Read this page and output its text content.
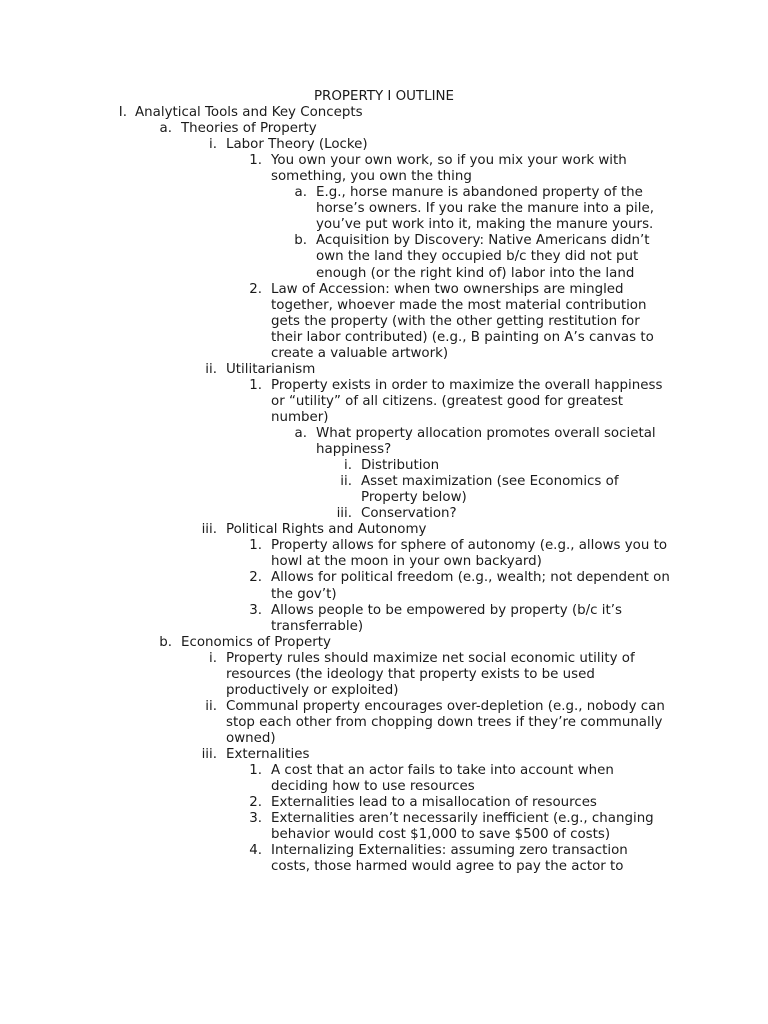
PROPERTY I OUTLINE
I. Analytical Tools and Key Concepts
a. Theories of Property
i. Labor Theory (Locke)
1. You own your own work, so if you mix your work with
something, you own the thing
a. E.g., horse manure is abandoned property of the
horse’s owners. If you rake the manure into a pile,
you’ve put work into it, making the manure yours.
b. Acquisition by Discovery: Native Americans didn’t
own the land they occupied b/c they did not put
enough (or the right kind of) labor into the land
2. Law of Accession: when two ownerships are mingled
together, whoever made the most material contribution
gets the property (with the other getting restitution for
their labor contributed) (e.g., B painting on A’s canvas to
create a valuable artwork)
ii. Utilitarianism
1. Property exists in order to maximize the overall happiness
or “utility” of all citizens. (greatest good for greatest
number)
a. What property allocation promotes overall societal
happiness?
i. Distribution
ii. Asset maximization (see Economics of
Property below)
iii. Conservation?
iii. Political Rights and Autonomy
1. Property allows for sphere of autonomy (e.g., allows you to
howl at the moon in your own backyard)
2. Allows for political freedom (e.g., wealth; not dependent on
the gov’t)
3. Allows people to be empowered by property (b/c it’s
transferrable)
b. Economics of Property
i. Property rules should maximize net social economic utility of
resources (the ideology that property exists to be used
productively or exploited)
ii. Communal property encourages over-depletion (e.g., nobody can
stop each other from chopping down trees if they’re communally
owned)
iii. Externalities
1. A cost that an actor fails to take into account when
deciding how to use resources
2. Externalities lead to a misallocation of resources
3. Externalities aren’t necessarily inefficient (e.g., changing
behavior would cost $1,000 to save $500 of costs)
4. Internalizing Externalities: assuming zero transaction
costs, those harmed would agree to pay the actor to
